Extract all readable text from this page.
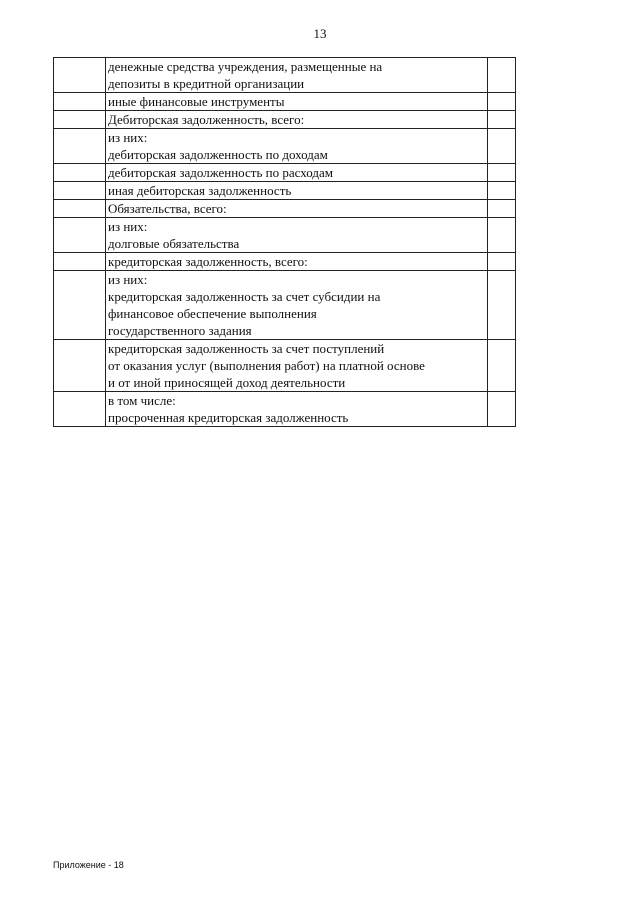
13
	денежные средства учреждения, размещенные на
депозиты в кредитной организации	
	иные финансовые инструменты	
	Дебиторская задолженность, всего:	
	из них:
дебиторская задолженность по доходам	
	дебиторская задолженность по расходам	
	иная дебиторская задолженность	
	Обязательства, всего:	
	из них:
долговые обязательства	
	кредиторская задолженность, всего:	
	из них:
кредиторская задолженность за счет субсидии на
финансовое обеспечение выполнения
государственного задания	
	кредиторская задолженность за счет поступлений
от оказания услуг (выполнения работ) на платной основе
и от иной приносящей доход деятельности	
	в том числе:
просроченная кредиторская задолженность	
Приложение - 18
